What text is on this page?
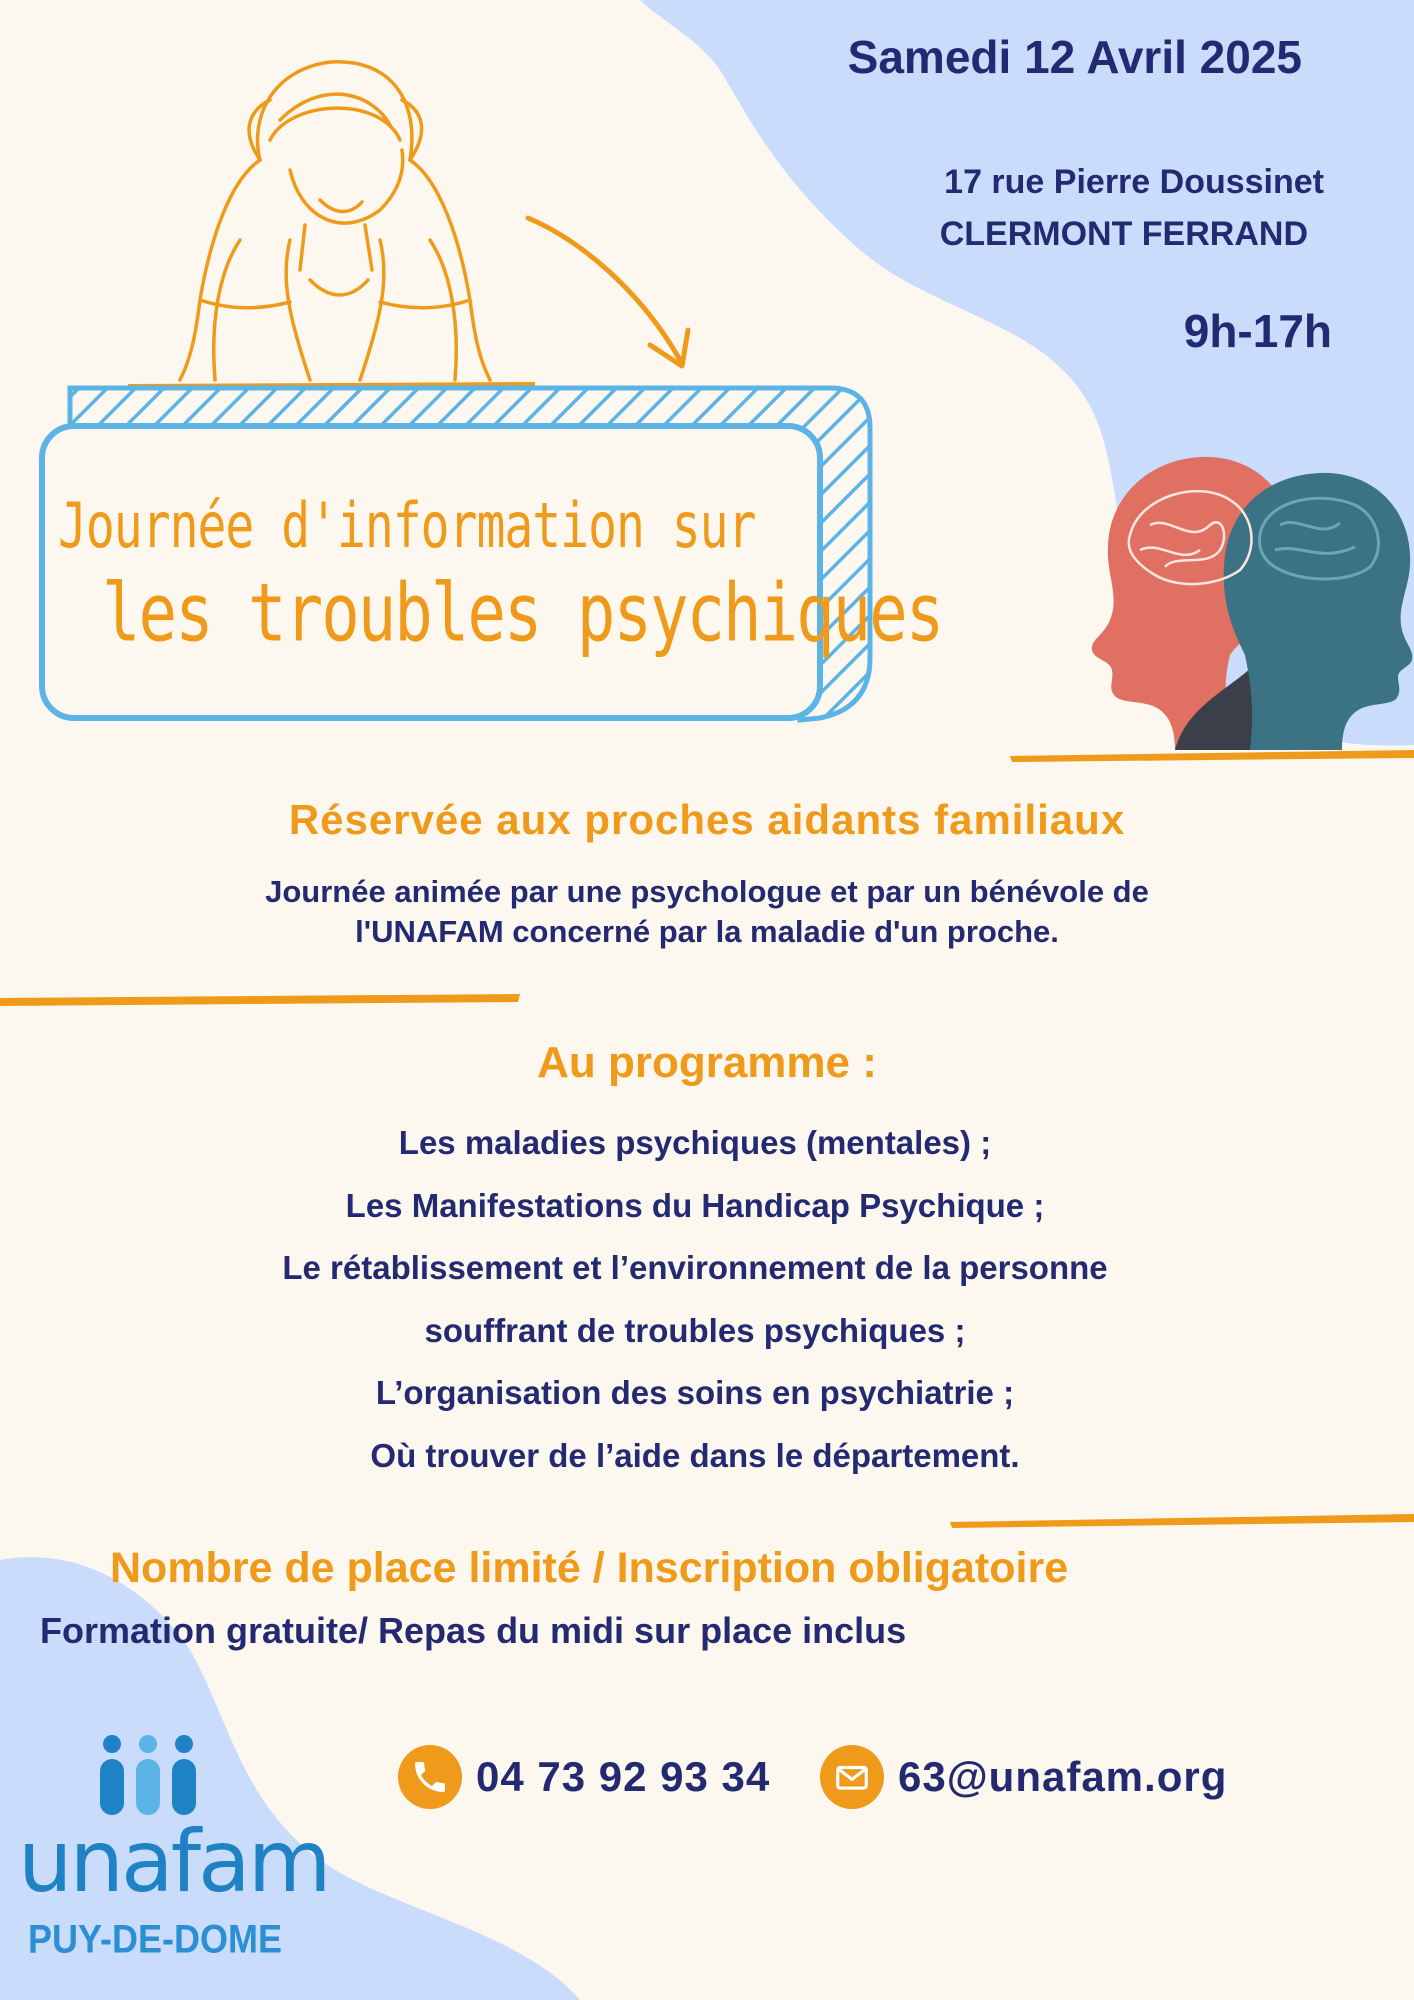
Samedi 12 Avril 2025
17 rue Pierre Doussinet
CLERMONT FERRAND
9h-17h
Journée d'information sur
les troubles psychiques
Réservée aux proches aidants familiaux
Journée animée par une psychologue et par un bénévole de
l'UNAFAM concerné par la maladie d'un proche.
Au programme :
Les maladies psychiques (mentales) ;
Les Manifestations du Handicap Psychique ;
Le rétablissement et l’environnement de la personne
souffrant de troubles psychiques ;
L’organisation des soins en psychiatrie ;
Où trouver de l’aide dans le département.
Nombre de place limité / Inscription obligatoire
Formation gratuite/ Repas du midi sur place inclus
04 73 92 93 34	63@unafam.org
unafam
PUY-DE-DOME
